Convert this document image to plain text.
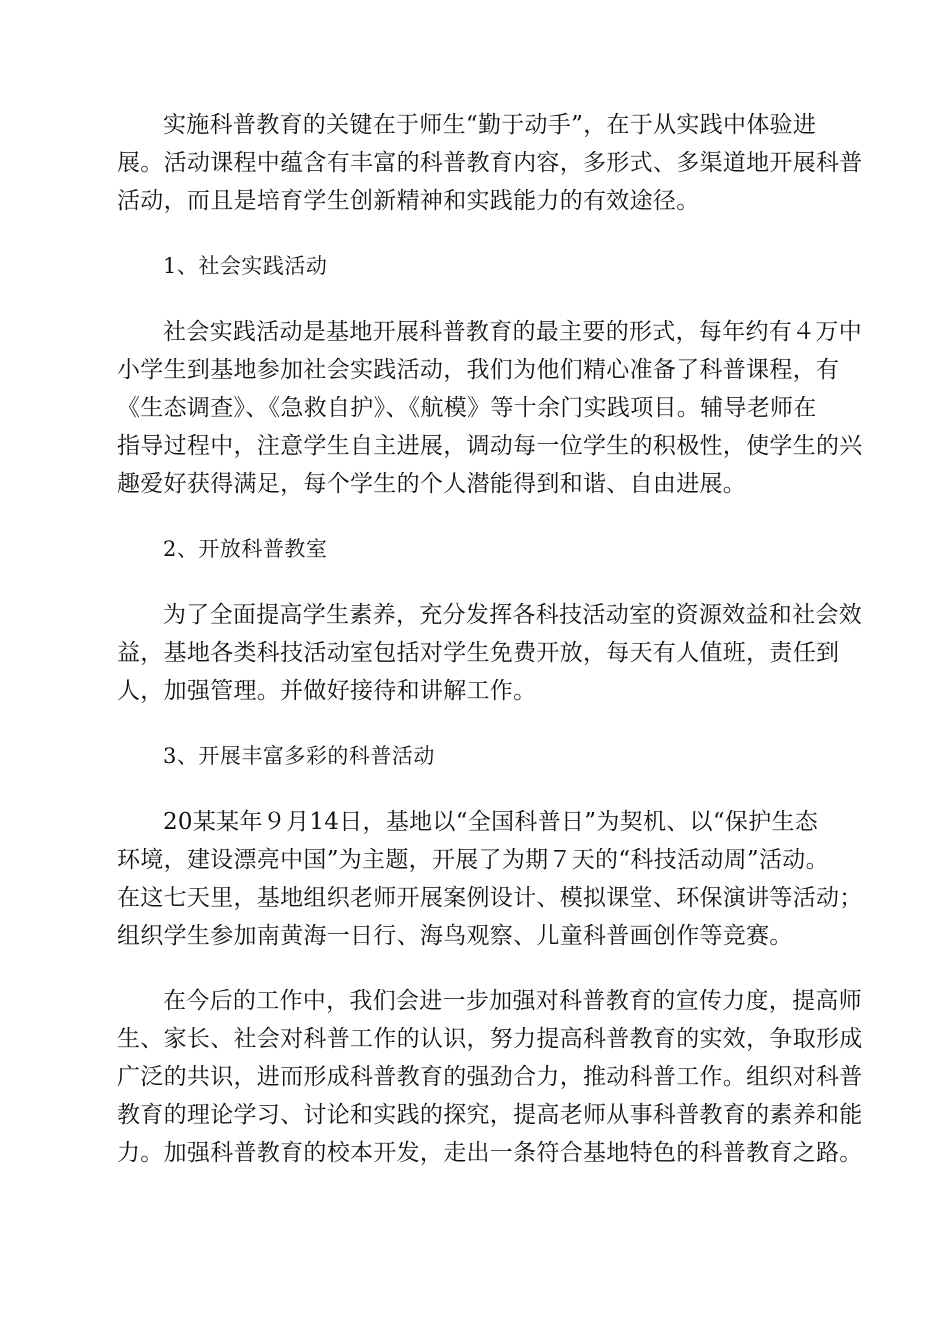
实施科普教育的关键在于师生“勤于动手”，在于从实践中体验进
展。活动课程中蕴含有丰富的科普教育内容，多形式、多渠道地开展科普
活动，而且是培育学生创新精神和实践能力的有效途径。

1、社会实践活动

社会实践活动是基地开展科普教育的最主要的形式，每年约有４万中
小学生到基地参加社会实践活动，我们为他们精心准备了科普课程，有
《生态调查》、《急救自护》、《航模》等十余门实践项目。辅导老师在
指导过程中，注意学生自主进展，调动每一位学生的积极性，使学生的兴
趣爱好获得满足，每个学生的个人潜能得到和谐、自由进展。

2、开放科普教室

为了全面提高学生素养，充分发挥各科技活动室的资源效益和社会效
益，基地各类科技活动室包括对学生免费开放，每天有人值班，责任到
人，加强管理。并做好接待和讲解工作。

3、开展丰富多彩的科普活动

20某某年９月14日，基地以“全国科普日”为契机、以“保护生态
环境，建设漂亮中国”为主题，开展了为期７天的“科技活动周”活动。
在这七天里，基地组织老师开展案例设计、模拟课堂、环保演讲等活动；
组织学生参加南黄海一日行、海鸟观察、儿童科普画创作等竞赛。

在今后的工作中，我们会进一步加强对科普教育的宣传力度，提高师
生、家长、社会对科普工作的认识，努力提高科普教育的实效，争取形成
广泛的共识，进而形成科普教育的强劲合力，推动科普工作。组织对科普
教育的理论学习、讨论和实践的探究，提高老师从事科普教育的素养和能
力。加强科普教育的校本开发，走出一条符合基地特色的科普教育之路。
